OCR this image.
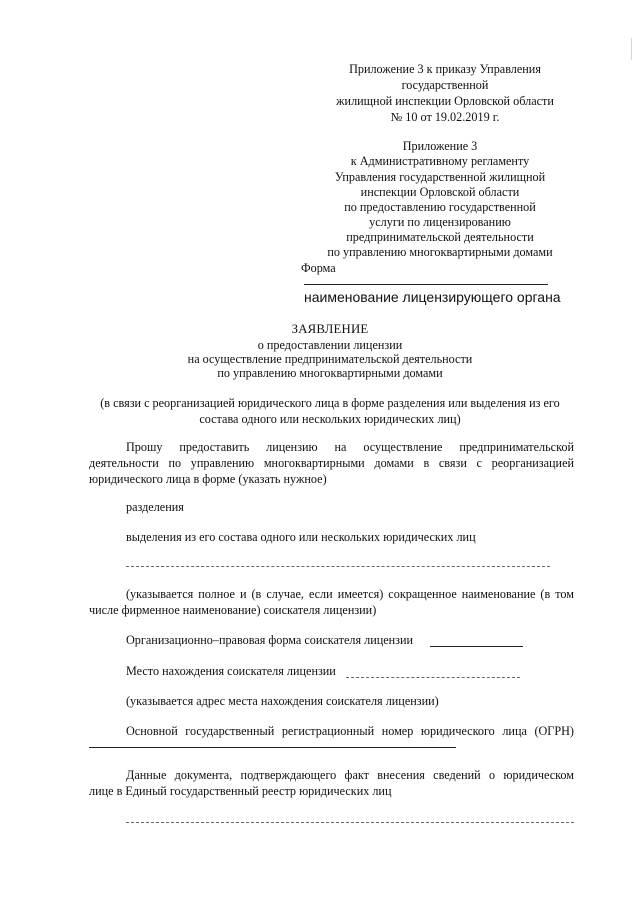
Приложение 3 к приказу Управления
государственной
жилищной инспекции Орловской области
№ 10 от 19.02.2019 г.
Приложение 3
к Административному регламенту
Управления государственной жилищной
инспекции Орловской области
по предоставлению государственной
услуги по лицензированию
предпринимательской деятельности
по управлению многоквартирными домами
Форма
наименование лицензирующего органа
ЗАЯВЛЕНИЕ
о предоставлении лицензии
на осуществление предпринимательской деятельности
по управлению многоквартирными домами
(в связи с реорганизацией юридического лица в форме разделения или выделения из его
состава одного или нескольких юридических лиц)
Прошу предоставить лицензию на осуществление предпринимательской
деятельности по управлению многоквартирными домами в связи с реорганизацией
юридического лица в форме (указать нужное)
разделения
выделения из его состава одного или нескольких юридических лиц
(указывается полное и (в случае, если имеется) сокращенное наименование (в том
числе фирменное наименование) соискателя лицензии)
Организационно–правовая форма соискателя лицензии
Место нахождения соискателя лицензии
(указывается адрес места нахождения соискателя лицензии)
Основной государственный регистрационный номер юридического лица (ОГРН)
Данные документа, подтверждающего факт внесения сведений о юридическом
лице в Единый государственный реестр юридических лиц
